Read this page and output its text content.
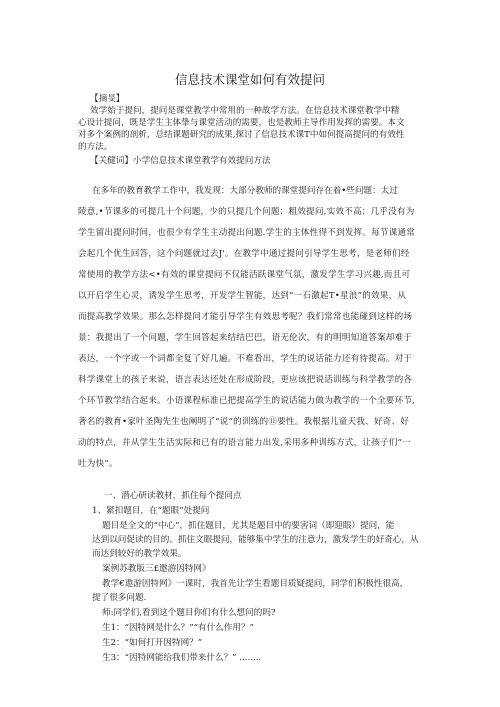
信息技术课堂如何有效提问
【摘旻】
效学始于提问，提问是课堂教学中常用的一种故学方法。在信息技术课堂教学中精
心设计提问，既是学生主体挚与课堂活动的需要，也是教师主导作用发挥的需要。本文
对多个案例的剖析，总结课题研究的成果,探讨了信息技术课T中如何提高提问的有效性
的方法。
【关健词】小学信息技术课堂教学有效提问方法
在多年的教育教学工作中，我发现：大部分教师的课堂提问存在着•些问题：太过
陵意,•节课多的可提几十个问题，少的只提几个问题；粗效提问,实效不高；几乎没有为
学生留出提问时间，也很少有学生主动提出问题.学生的主体性得不到发挥。每节课通常
会起几个优生回答，这个问题就过去J'。在教学中通过提问引导学生思考，是老师们经
常使用的教学方法<•有效的课堂提问不仅能活跃课堂气氛，激发学生学习兴趣,而且可
以开启学生心灵，诱发学生思考，开发学生智能，达到“一石激起T•星浪”的效果，从
而提高教学效果。那么怎样提问才能引导学生有效思考呢？我们常常也能碰到这样的场
景：我提出了一个问题，学生回答起来结结巴巴，语无伦次，有的明明知道答案却难于
表达，一个字或一个词都全复了好几遍。不难看出，学生的说话能力还有待提高。对于
科学课堂上的孩子来说，语言表达还处在形成阶段，更应该把说话训练与科学教学的各
个环节教学结合起来。小语课程标准已把提高学生的说话能力做为教学的一个全要环节,
著名的教育•家叶圣陶先生也阐明了“说”的训练的⑪要性。我根据儿童天我、好奇、好
动的特点，并从学生生活实际和已有的语言能力出发,采用多种训练方式，让孩子们“一
吐为快”。
一、潜心研读教材，抓住每个提问点
1、紧扣题目，在“题眼”处提问
题目是全文的“中心”，抓住题目，尤其是题目中的要害词（即迎眼）提问，能
达到以问促读的目的。抓住文眼提问，能够集中学生的注意力，激发学生的好奇心，从
而达到较好的教学效果。
案例苏教版三£邀游因特网》
教学€遨游因特网》一课时，我首先让学生看题目质疑提问，同学们积极性很高，
提了很多问题.
师:同学们,看到这个题目你们有什么想问的吗?
生1：“因特网是什么？”“有什么作用？”
生2：“如何打开因特网？”
生3：“因特网能给我们带来什么？” ........
